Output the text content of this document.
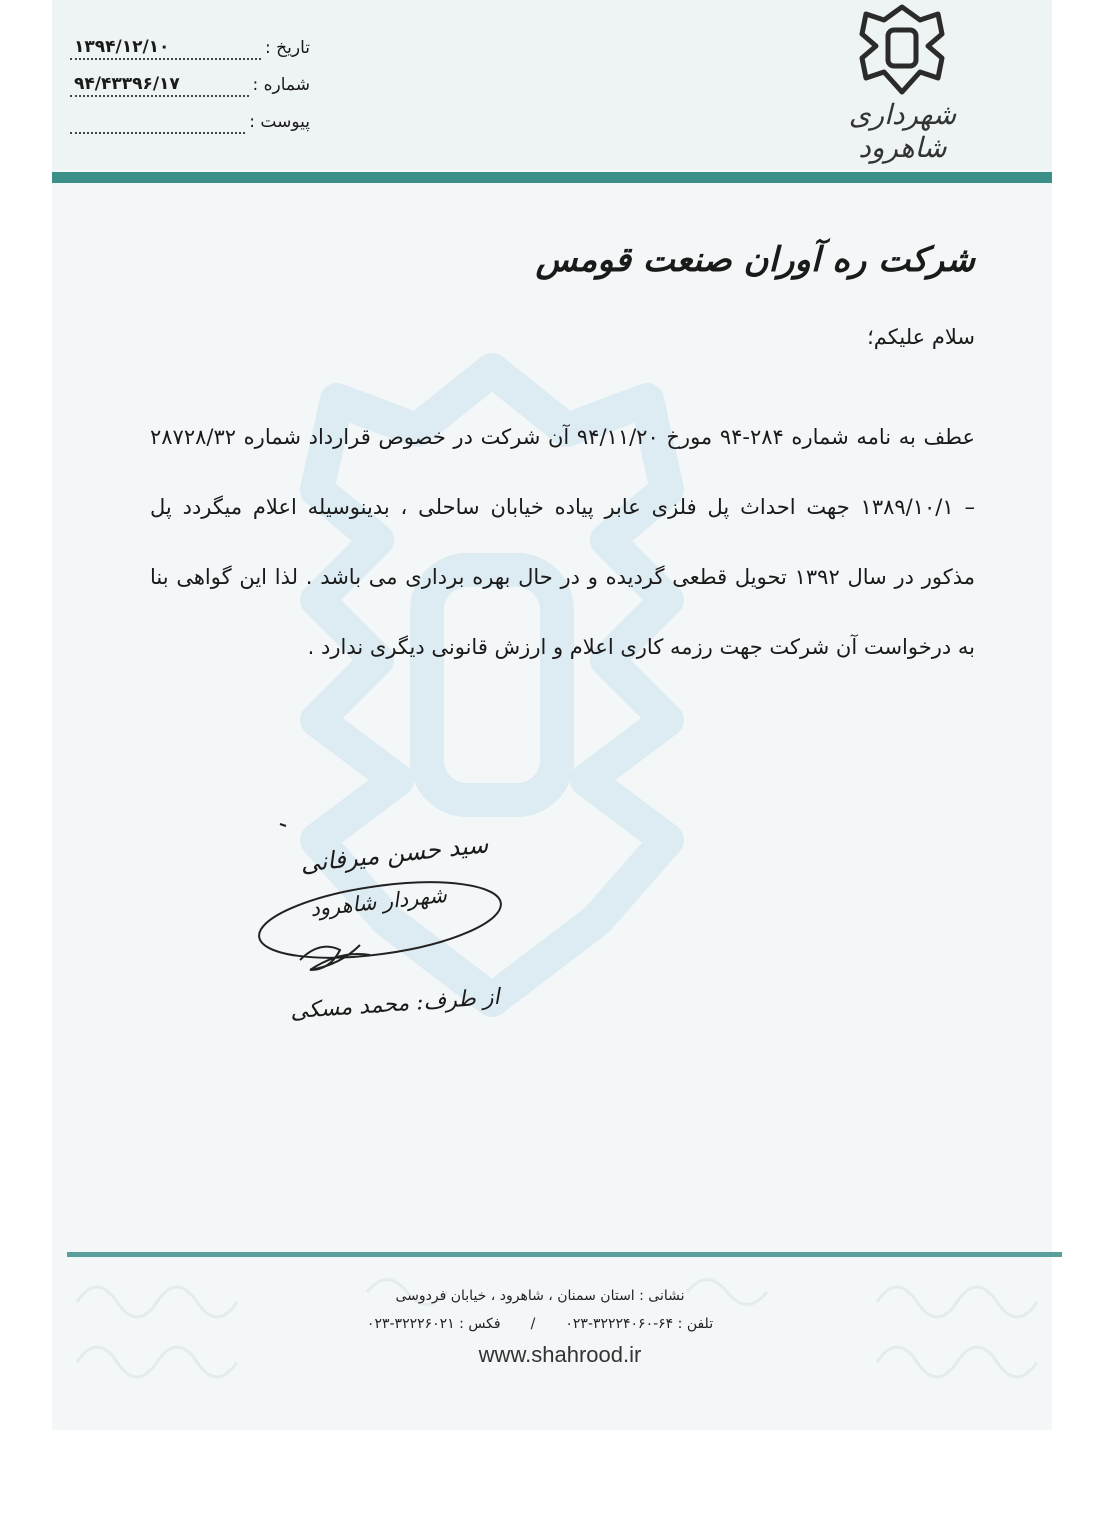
تاریخ :
۱۳۹۴/۱۲/۱۰
شماره :
۹۴/۴۳۳۹۶/۱۷
پیوست :	شهرداری شاهرود
شرکت ره آوران صنعت قومس
سلام علیکم؛

عطف به نامه شماره ۲۸۴-۹۴ مورخ ۹۴/۱۱/۲۰ آن شرکت در خصوص قرارداد شماره ۲۸۷۲۸/۳۲ – ۱۳۸۹/۱۰/۱ جهت احداث پل فلزی عابر پیاده خیابان ساحلی ، بدینوسیله اعلام میگردد پل مذکور در سال ۱۳۹۲ تحویل قطعی گردیده و در حال بهره برداری می باشد . لذا این گواهی بنا به درخواست آن شرکت جهت رزمه کاری اعلام و ارزش قانونی دیگری ندارد .

سید حسن میرفانی
شهردار شاهرود
از طرف: محمد مسکی
نشانی : استان سمنان ، شاهرود ، خیابان فردوسی
تلفن : ۶۴-۳۲۲۲۴۰۶۰-۰۲۳
/
فکس : ۳۲۲۲۶۰۲۱-۰۲۳
www.shahrood.ir
